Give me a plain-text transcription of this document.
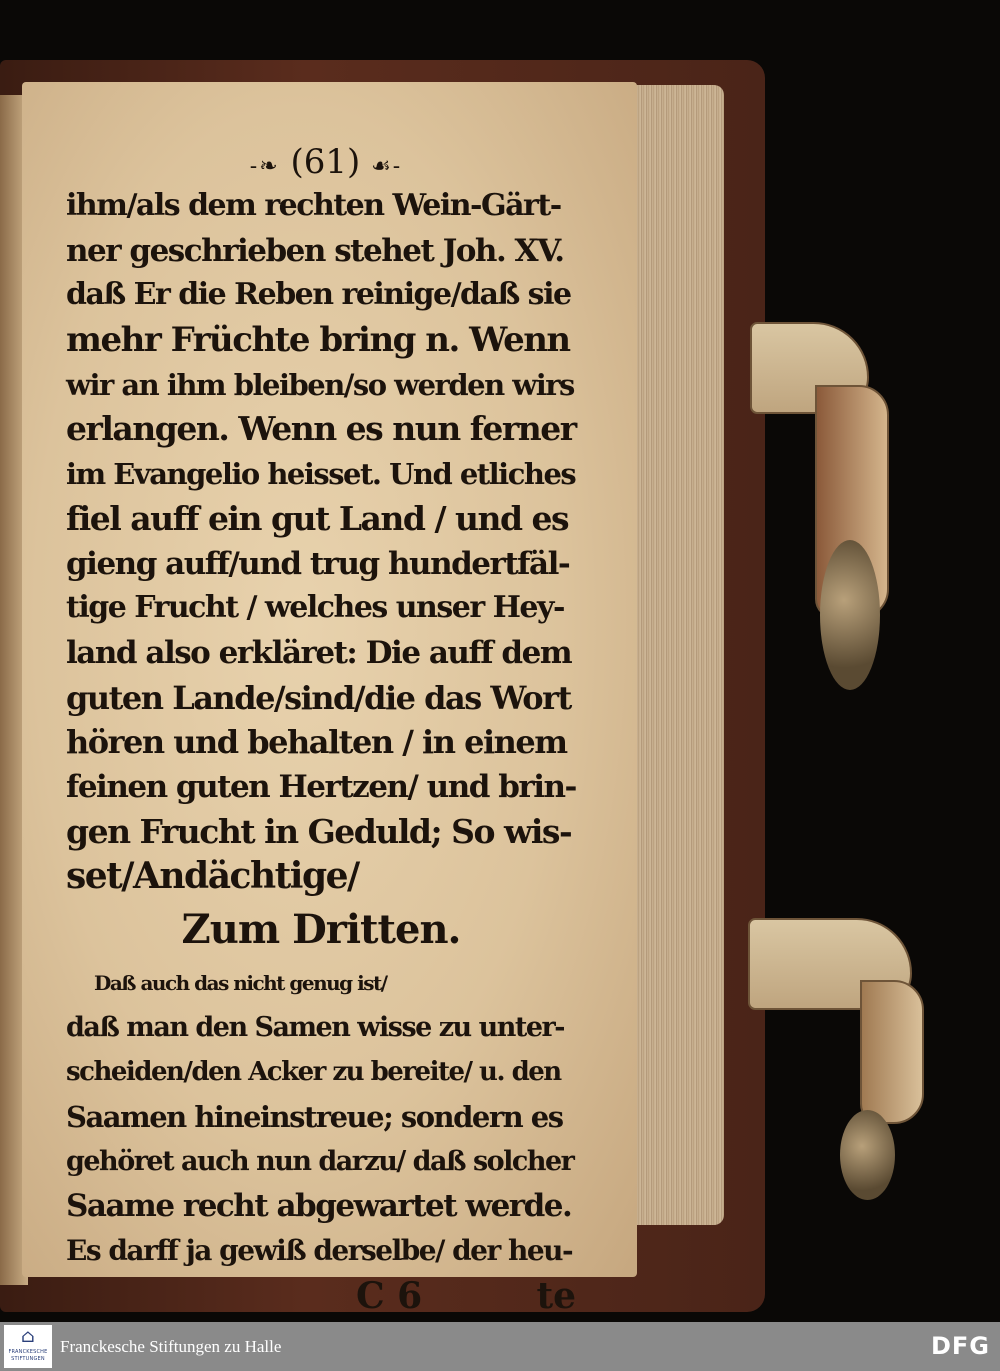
-❧ (61) ☙-
ihm/als dem rechten Wein-Gärt-
ner geschrieben stehet Joh. XV.
daß Er die Reben reinige/daß sie
mehr Früchte bring n. Wenn
wir an ihm bleiben/so werden wirs
erlangen. Wenn es nun ferner
im Evangelio heisset. Und etliches
fiel auff ein gut Land / und es
gieng auff/und trug hundertfäl-
tige Frucht / welches unser Hey-
land also erkläret: Die auff dem
guten Lande/sind/die das Wort
hören und behalten / in einem
feinen guten Hertzen/ und brin-
gen Frucht in Geduld; So wis-
set/Andächtige/
Zum Dritten.
Daß auch das nicht genug ist/
daß man den Samen wisse zu unter-
scheiden/den Acker zu bereite/ u. den
Saamen hineinstreue; sondern es
gehöret auch nun darzu/ daß solcher
Saame recht abgewartet werde.
Es darff ja gewiß derselbe/ der heu-
C 6	te
⌂
FRANCKESCHE STIFTUNGEN
Franckesche Stiftungen zu Halle	DFG
